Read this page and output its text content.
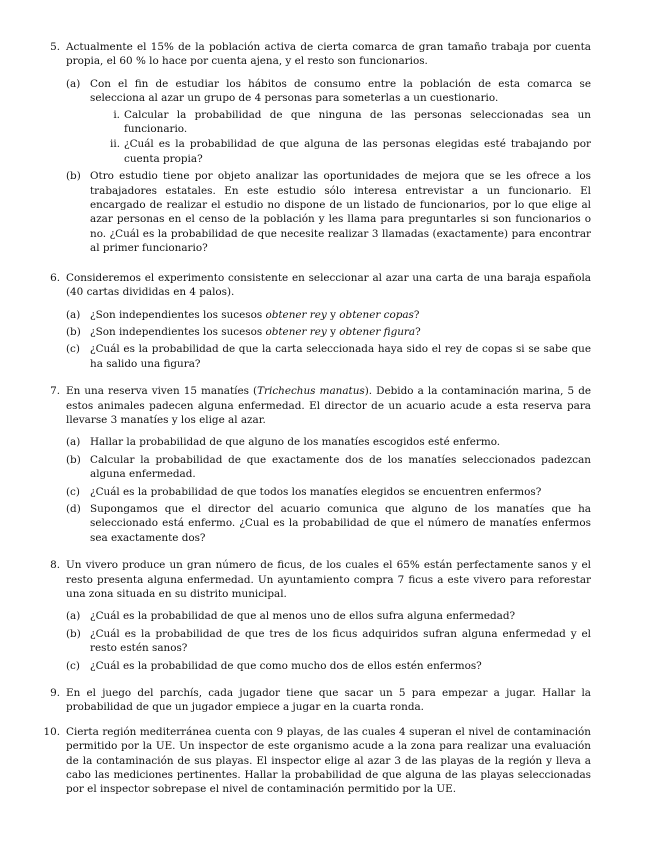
5. Actualmente el 15% de la población activa de cierta comarca de gran tamaño trabaja por cuenta propia, el 60 % lo hace por cuenta ajena, y el resto son funcionarios.
(a) Con el fin de estudiar los hábitos de consumo entre la población de esta comarca se selecciona al azar un grupo de 4 personas para someterlas a un cuestionario.
i. Calcular la probabilidad de que ninguna de las personas seleccionadas sea un funcionario.
ii. ¿Cuál es la probabilidad de que alguna de las personas elegidas esté trabajando por cuenta propia?
(b) Otro estudio tiene por objeto analizar las oportunidades de mejora que se les ofrece a los trabajadores estatales. En este estudio sólo interesa entrevistar a un funcionario. El encargado de realizar el estudio no dispone de un listado de funcionarios, por lo que elige al azar personas en el censo de la población y les llama para preguntarles si son funcionarios o no. ¿Cuál es la probabilidad de que necesite realizar 3 llamadas (exactamente) para encontrar al primer funcionario?
6. Consideremos el experimento consistente en seleccionar al azar una carta de una baraja española (40 cartas divididas en 4 palos).
(a) ¿Son independientes los sucesos obtener rey y obtener copas?
(b) ¿Son independientes los sucesos obtener rey y obtener figura?
(c) ¿Cuál es la probabilidad de que la carta seleccionada haya sido el rey de copas si se sabe que ha salido una figura?
7. En una reserva viven 15 manatíes (Trichechus manatus). Debido a la contaminación marina, 5 de estos animales padecen alguna enfermedad. El director de un acuario acude a esta reserva para llevarse 3 manatíes y los elige al azar.
(a) Hallar la probabilidad de que alguno de los manatíes escogidos esté enfermo.
(b) Calcular la probabilidad de que exactamente dos de los manatíes seleccionados padezcan alguna enfermedad.
(c) ¿Cuál es la probabilidad de que todos los manatíes elegidos se encuentren enfermos?
(d) Supongamos que el director del acuario comunica que alguno de los manatíes que ha seleccionado está enfermo. ¿Cual es la probabilidad de que el número de manatíes enfermos sea exactamente dos?
8. Un vivero produce un gran número de ficus, de los cuales el 65% están perfectamente sanos y el resto presenta alguna enfermedad. Un ayuntamiento compra 7 ficus a este vivero para reforestar una zona situada en su distrito municipal.
(a) ¿Cuál es la probabilidad de que al menos uno de ellos sufra alguna enfermedad?
(b) ¿Cuál es la probabilidad de que tres de los ficus adquiridos sufran alguna enfermedad y el resto estén sanos?
(c) ¿Cuál es la probabilidad de que como mucho dos de ellos estén enfermos?
9. En el juego del parchís, cada jugador tiene que sacar un 5 para empezar a jugar. Hallar la probabilidad de que un jugador empiece a jugar en la cuarta ronda.
10. Cierta región mediterránea cuenta con 9 playas, de las cuales 4 superan el nivel de contaminación permitido por la UE. Un inspector de este organismo acude a la zona para realizar una evaluación de la contaminación de sus playas. El inspector elige al azar 3 de las playas de la región y lleva a cabo las mediciones pertinentes. Hallar la probabilidad de que alguna de las playas seleccionadas por el inspector sobrepase el nivel de contaminación permitido por la UE.
